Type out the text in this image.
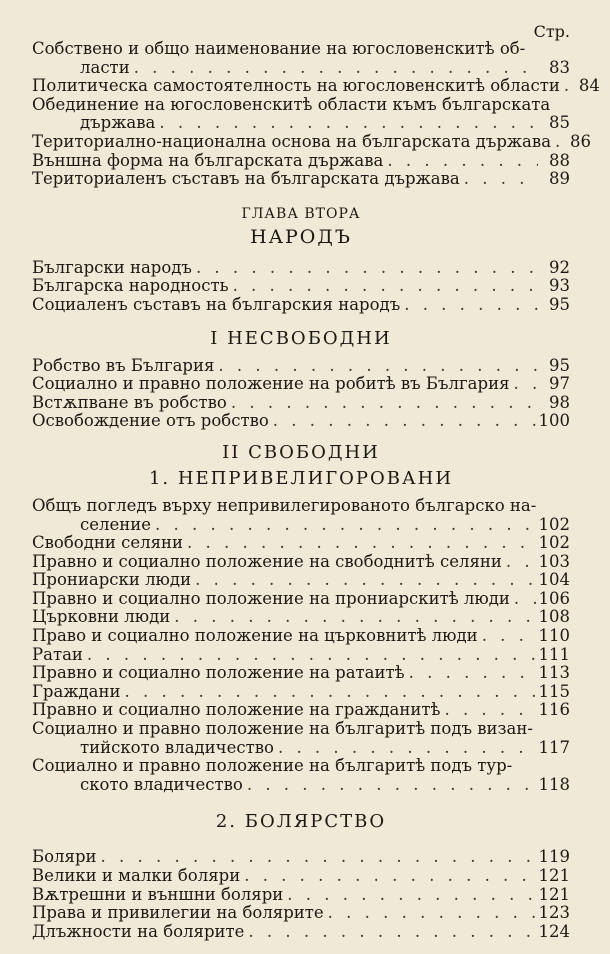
Стр.
Собствено и общо наименование на югословенскитѣ об-
ласти . . .	83
Политическа самостоятелность на югословенскитѣ области . . .	84
Обединение на югословенскитѣ области къмъ българската
държава . . .	85
Териториално-национална основа на българската държава . . .	86
Външна форма на българската държава . . .	88
Териториаленъ съставъ на българската държава . . .	89
ГЛАВА ВТОРА
НАРОДЪ
Български народъ . . .	92
Българска народность . . .	93
Социаленъ съставъ на българския народъ . . .	95
I НЕСВОБОДНИ
Робство въ България . . .	95
Социално и правно положение на робитѣ въ България . . .	97
Встѫпване въ робство . . .	98
Освобождение отъ робство . . .	100
II СВОБОДНИ
1. НЕПРИВЕЛИГОРОВАНИ
Общъ погледъ върху непривилегированото българско на-
селение . . .	102
Свободни селяни . . .	102
Правно и социално положение на свободнитѣ селяни . . . 103
Прониарски люди . . .	104
Правно и социално положение на прониарскитѣ люди . . . 106
Църковни люди . . .	108
Право и социално положение на църковнитѣ люди . . .	110
Ратаи . . .	111
Правно и социално положение на ратаитѣ . . .	113
Граждани . . .	115
Правно и социално положение на гражданитѣ . . .	116
Социално и правно положение на българитѣ подъ визан-
тийското владичество . . .	117
Социално и правно положение на българитѣ подъ тур-
ското владичество . . .	118
2. БОЛЯРСТВО
Боляри . . .	119
Велики и малки боляри . . .	121
Вѫтрешни и външни боляри . . .	121
Права и привилегии на болярите . . .	123
Длъжности на болярите . . .	124
